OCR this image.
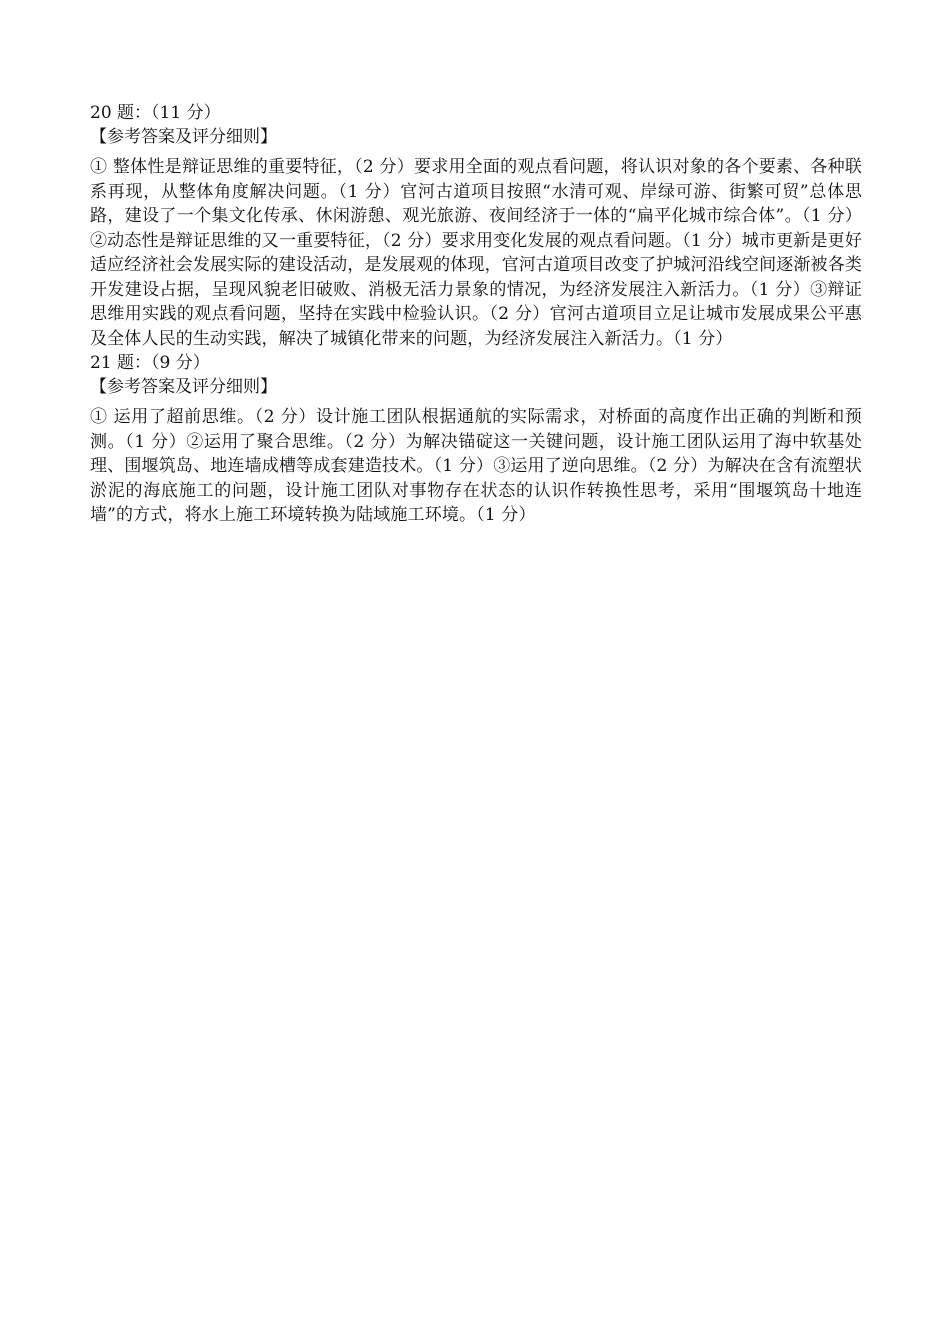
20 题：（11 分）

【参考答案及评分细则】

① 整体性是辩证思维的重要特征，（2 分）要求用全面的观点看问题，将认识对象的各个要素、各种联系再现，从整体角度解决问题。（1 分）官河古道项目按照“水清可观、岸绿可游、街繁可贸”总体思路，建设了一个集文化传承、休闲游憩、观光旅游、夜间经济于一体的“扁平化城市综合体”。（1 分）②动态性是辩证思维的又一重要特征，（2 分）要求用变化发展的观点看问题。（1 分）城市更新是更好适应经济社会发展实际的建设活动，是发展观的体现，官河古道项目改变了护城河沿线空间逐渐被各类开发建设占据，呈现风貌老旧破败、消极无活力景象的情况，为经济发展注入新活力。（1 分）③辩证思维用实践的观点看问题，坚持在实践中检验认识。（2 分）官河古道项目立足让城市发展成果公平惠及全体人民的生动实践，解决了城镇化带来的问题，为经济发展注入新活力。（1 分）

21 题：（9 分）

【参考答案及评分细则】

① 运用了超前思维。（2 分）设计施工团队根据通航的实际需求，对桥面的高度作出正确的判断和预测。（1 分）②运用了聚合思维。（2 分）为解决锚碇这一关键问题，设计施工团队运用了海中软基处理、围堰筑岛、地连墙成槽等成套建造技术。（1 分）③运用了逆向思维。（2 分）为解决在含有流塑状淤泥的海底施工的问题，设计施工团队对事物存在状态的认识作转换性思考，采用“围堰筑岛十地连墙”的方式，将水上施工环境转换为陆域施工环境。（1 分）
